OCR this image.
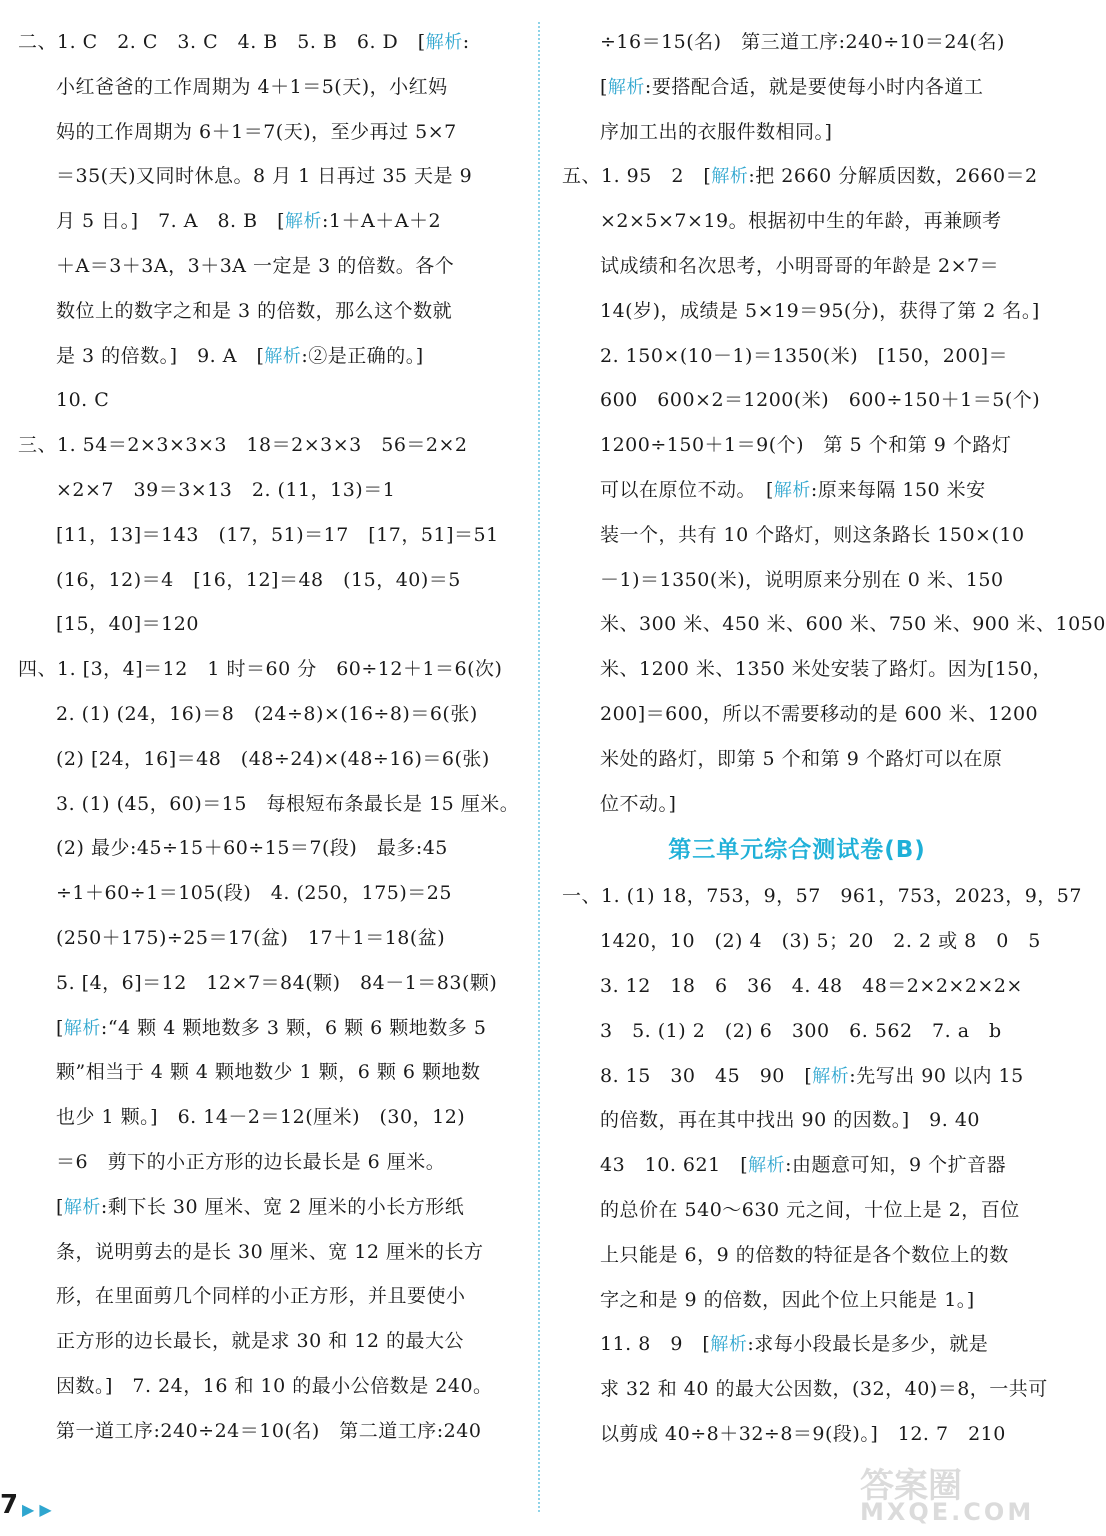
二、1. C　2. C　3. C　4. B　5. B　6. D　[解析:
小红爸爸的工作周期为 4＋1＝5(天)，小红妈
妈的工作周期为 6＋1＝7(天)，至少再过 5×7
＝35(天)又同时休息。8 月 1 日再过 35 天是 9
月 5 日。]　7. A　8. B　[解析:1＋A＋A＋2
＋A＝3＋3A，3＋3A 一定是 3 的倍数。各个
数位上的数字之和是 3 的倍数，那么这个数就
是 3 的倍数。]　9. A　[解析:②是正确的。]
10. C
三、1. 54＝2×3×3×3　18＝2×3×3　56＝2×2
×2×7　39＝3×13　2. (11，13)＝1
[11，13]＝143　(17，51)＝17　[17，51]＝51
(16，12)＝4　[16，12]＝48　(15，40)＝5
[15，40]＝120
四、1. [3，4]＝12　1 时＝60 分　60÷12＋1＝6(次)
2. (1) (24，16)＝8　(24÷8)×(16÷8)＝6(张)
(2) [24，16]＝48　(48÷24)×(48÷16)＝6(张)
3. (1) (45，60)＝15　每根短布条最长是 15 厘米。
(2) 最少:45÷15＋60÷15＝7(段)　最多:45
÷1＋60÷1＝105(段)　4. (250，175)＝25
(250＋175)÷25＝17(盆)　17＋1＝18(盆)
5. [4，6]＝12　12×7＝84(颗)　84－1＝83(颗)
[解析:“4 颗 4 颗地数多 3 颗，6 颗 6 颗地数多 5
颗”相当于 4 颗 4 颗地数少 1 颗，6 颗 6 颗地数
也少 1 颗。]　6. 14－2＝12(厘米)　(30，12)
＝6　剪下的小正方形的边长最长是 6 厘米。
[解析:剩下长 30 厘米、宽 2 厘米的小长方形纸
条，说明剪去的是长 30 厘米、宽 12 厘米的长方
形，在里面剪几个同样的小正方形，并且要使小
正方形的边长最长，就是求 30 和 12 的最大公
因数。]　7. 24，16 和 10 的最小公倍数是 240。
第一道工序:240÷24＝10(名)　第二道工序:240
÷16＝15(名)　第三道工序:240÷10＝24(名)
[解析:要搭配合适，就是要使每小时内各道工
序加工出的衣服件数相同。]
五、1. 95　2　[解析:把 2660 分解质因数，2660＝2
×2×5×7×19。根据初中生的年龄，再兼顾考
试成绩和名次思考，小明哥哥的年龄是 2×7＝
14(岁)，成绩是 5×19＝95(分)，获得了第 2 名。]
2. 150×(10－1)＝1350(米)　[150，200]＝
600　600×2＝1200(米)　600÷150＋1＝5(个)
1200÷150＋1＝9(个)　第 5 个和第 9 个路灯
可以在原位不动。　[解析:原来每隔 150 米安
装一个，共有 10 个路灯，则这条路长 150×(10
－1)＝1350(米)，说明原来分别在 0 米、150
米、300 米、450 米、600 米、750 米、900 米、1050
米、1200 米、1350 米处安装了路灯。因为[150，
200]＝600，所以不需要移动的是 600 米、1200
米处的路灯，即第 5 个和第 9 个路灯可以在原
位不动。]
第三单元综合测试卷(B)
一、1. (1) 18，753，9，57　961，753，2023，9，57
1420，10　(2) 4　(3) 5；20　2. 2 或 8　0　5
3. 12　18　6　36　4. 48　48＝2×2×2×2×
3　5. (1) 2　(2) 6　300　6. 562　7. a　b
8. 15　30　45　90　[解析:先写出 90 以内 15
的倍数，再在其中找出 90 的因数。]　9. 40
43　10. 621　[解析:由题意可知，9 个扩音器
的总价在 540～630 元之间，十位上是 2，百位
上只能是 6，9 的倍数的特征是各个数位上的数
字之和是 9 的倍数，因此个位上只能是 1。]
11. 8　9　[解析:求每小段最长是多少，就是
求 32 和 40 的最大公因数，(32，40)＝8，一共可
以剪成 40÷8＋32÷8＝9(段)。]　12. 7　210
7 ▶ ▶
答案圈
MXQE.COM
